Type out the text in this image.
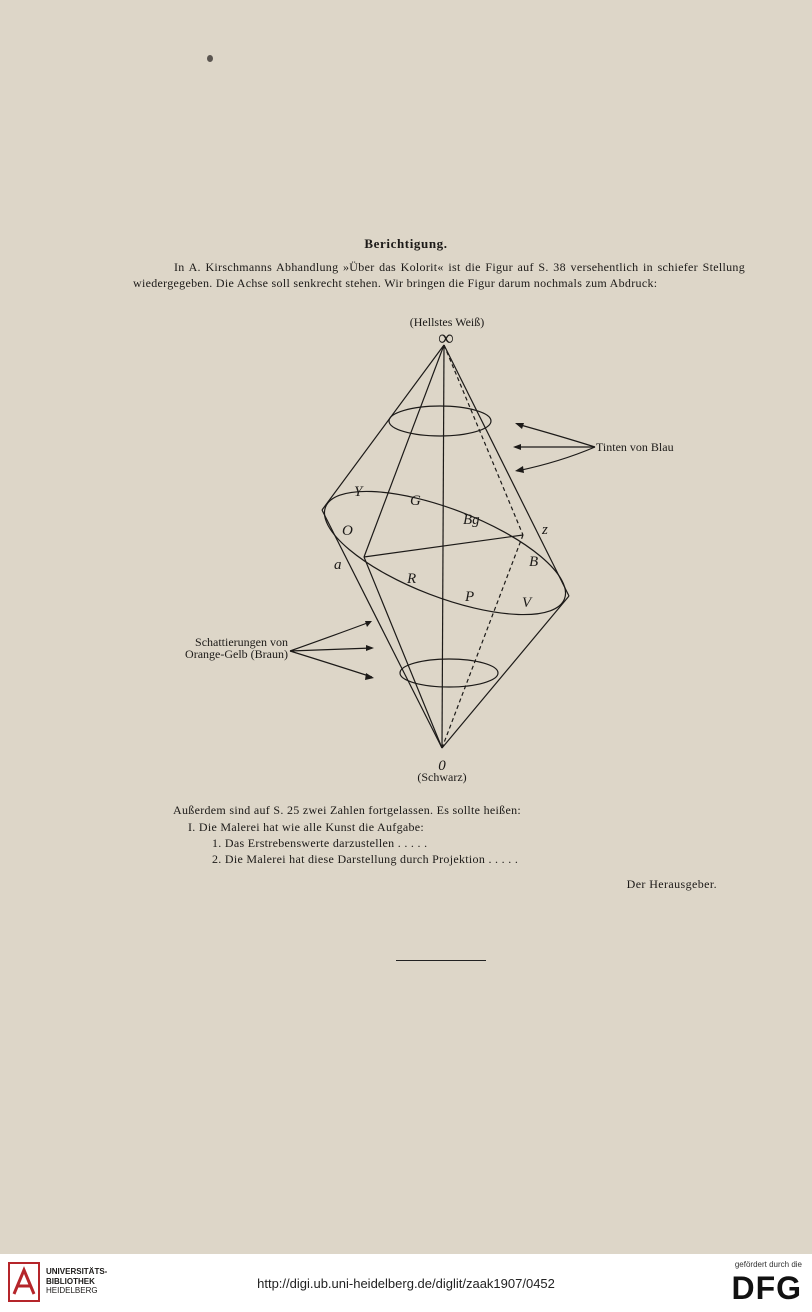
Berichtigung.
In A. Kirschmanns Abhandlung »Über das Kolorit« ist die Figur auf S. 38 versehentlich in schiefer Stellung wiedergegeben. Die Achse soll senkrecht stehen. Wir bringen die Figur darum nochmals zum Abdruck:
(Hellstes Weiß)
∞
0
(Schwarz)
Tinten von Blau
Schattierungen von
Orange-Gelb (Braun)
Y
G
Bg
O	z
a	B
R
P	V
Außerdem sind auf S. 25 zwei Zahlen fortgelassen. Es sollte heißen:
I. Die Malerei hat wie alle Kunst die Aufgabe:
1. Das Erstrebenswerte darzustellen . . . . .
2. Die Malerei hat diese Darstellung durch Projektion . . . . .
Der Herausgeber.
UNIVERSITÄTS-
BIBLIOTHEK
HEIDELBERG	http://digi.ub.uni-heidelberg.de/diglit/zaak1907/0452
gefördert durch die
DFG
